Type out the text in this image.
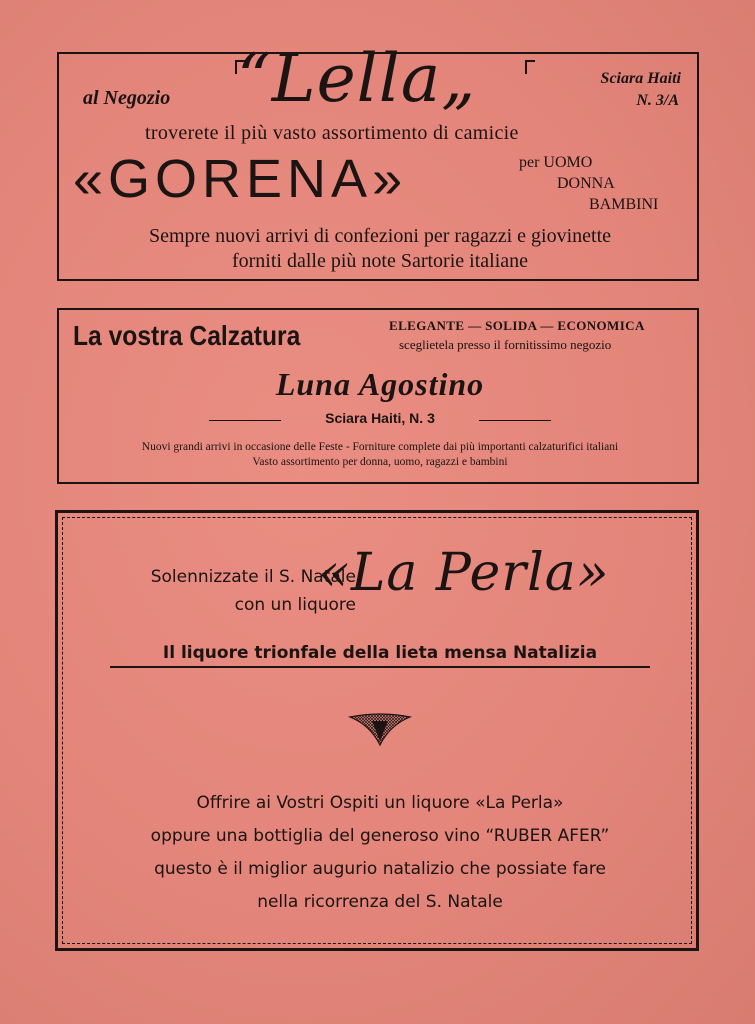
al Negozio “Lella„	Sciara Haiti
N. 3/A
troverete il più vasto assortimento di camicie
«GORENA»	per UOMO
DONNA
BAMBINI
Sempre nuovi arrivi di confezioni per ragazzi e giovinette
forniti dalle più note Sartorie italiane
La vostra Calzatura	ELEGANTE — SOLIDA — ECONOMICA
sceglietela presso il fornitissimo negozio
Luna Agostino
Sciara Haiti, N. 3
Nuovi grandi arrivi in occasione delle Feste - Forniture complete dai più importanti calzaturifici italiani
Vasto assortimento per donna, uomo, ragazzi e bambini
Solennizzate il S. Natale
con un liquore
«La Perla»
Il liquore trionfale della lieta mensa Natalizia
Offrire ai Vostri Ospiti un liquore «La Perla»
oppure una bottiglia del generoso vino “RUBER AFER”
questo è il miglior augurio natalizio che possiate fare
nella ricorrenza del S. Natale
